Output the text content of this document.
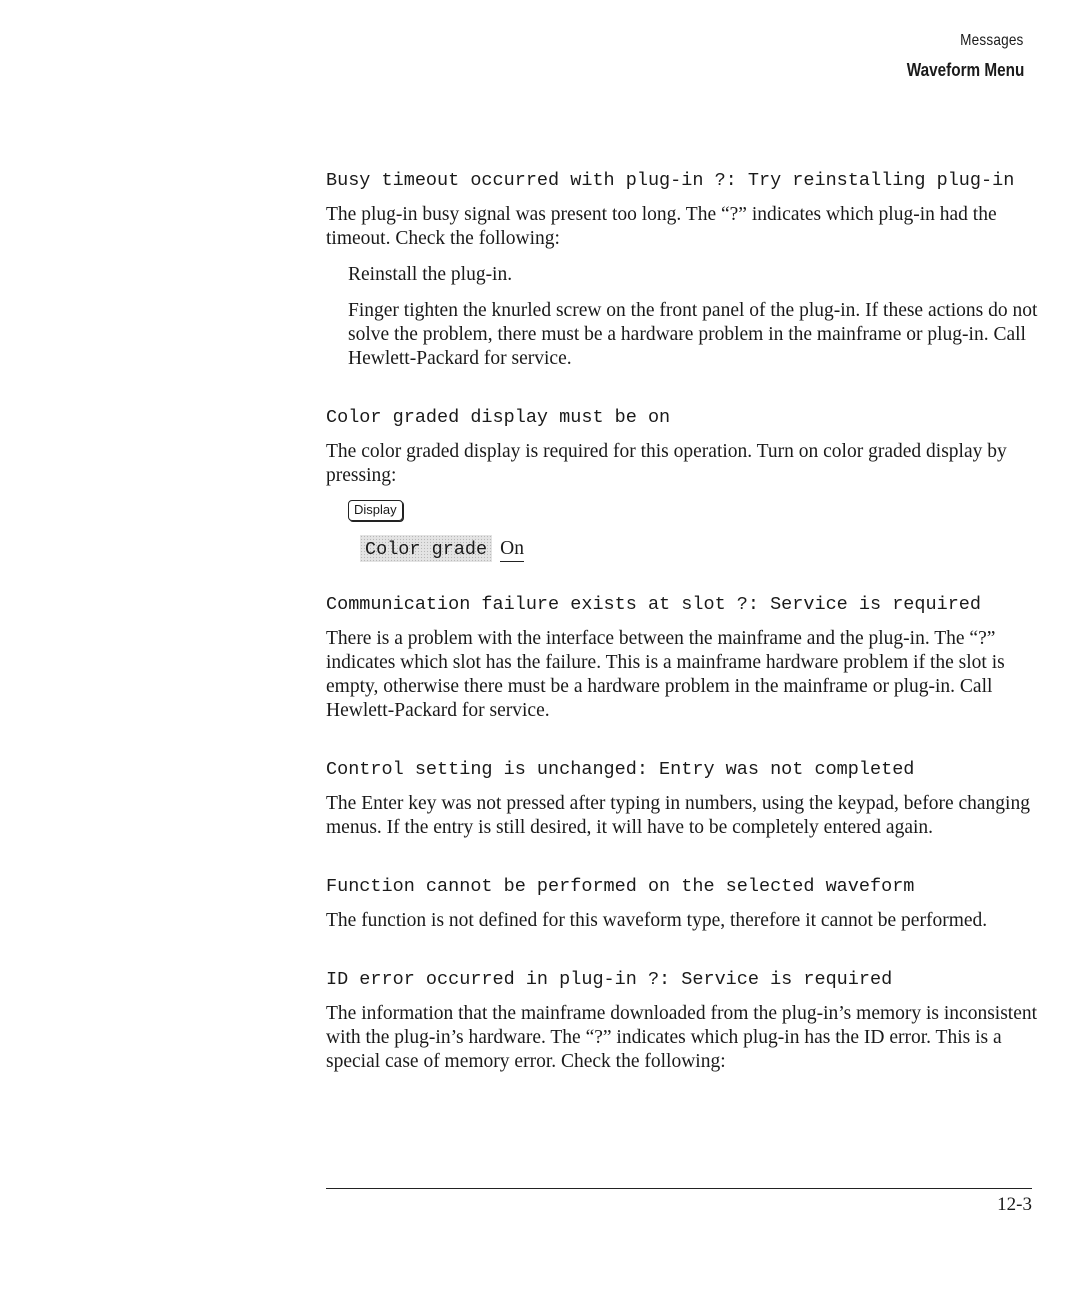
Messages
Waveform Menu
Busy timeout occurred with plug-in ?: Try reinstalling plug-in

The plug-in busy signal was present too long. The “?” indicates which plug-in had the timeout. Check the following:

Reinstall the plug-in.

Finger tighten the knurled screw on the front panel of the plug-in. If these actions do not solve the problem, there must be a hardware problem in the mainframe or plug-in. Call Hewlett-Packard for service.

Color graded display must be on

The color graded display is required for this operation. Turn on color graded display by pressing:

Display
Color grade On
Communication failure exists at slot ?: Service is required

There is a problem with the interface between the mainframe and the plug-in. The “?” indicates which slot has the failure. This is a mainframe hardware problem if the slot is empty, otherwise there must be a hardware problem in the mainframe or plug-in. Call Hewlett-Packard for service.

Control setting is unchanged: Entry was not completed

The Enter key was not pressed after typing in numbers, using the keypad, before changing menus. If the entry is still desired, it will have to be completely entered again.

Function cannot be performed on the selected waveform

The function is not defined for this waveform type, therefore it cannot be performed.

ID error occurred in plug-in ?: Service is required

The information that the mainframe downloaded from the plug-in’s memory is inconsistent with the plug-in’s hardware. The “?” indicates which plug-in has the ID error. This is a special case of memory error. Check the following:

12-3
